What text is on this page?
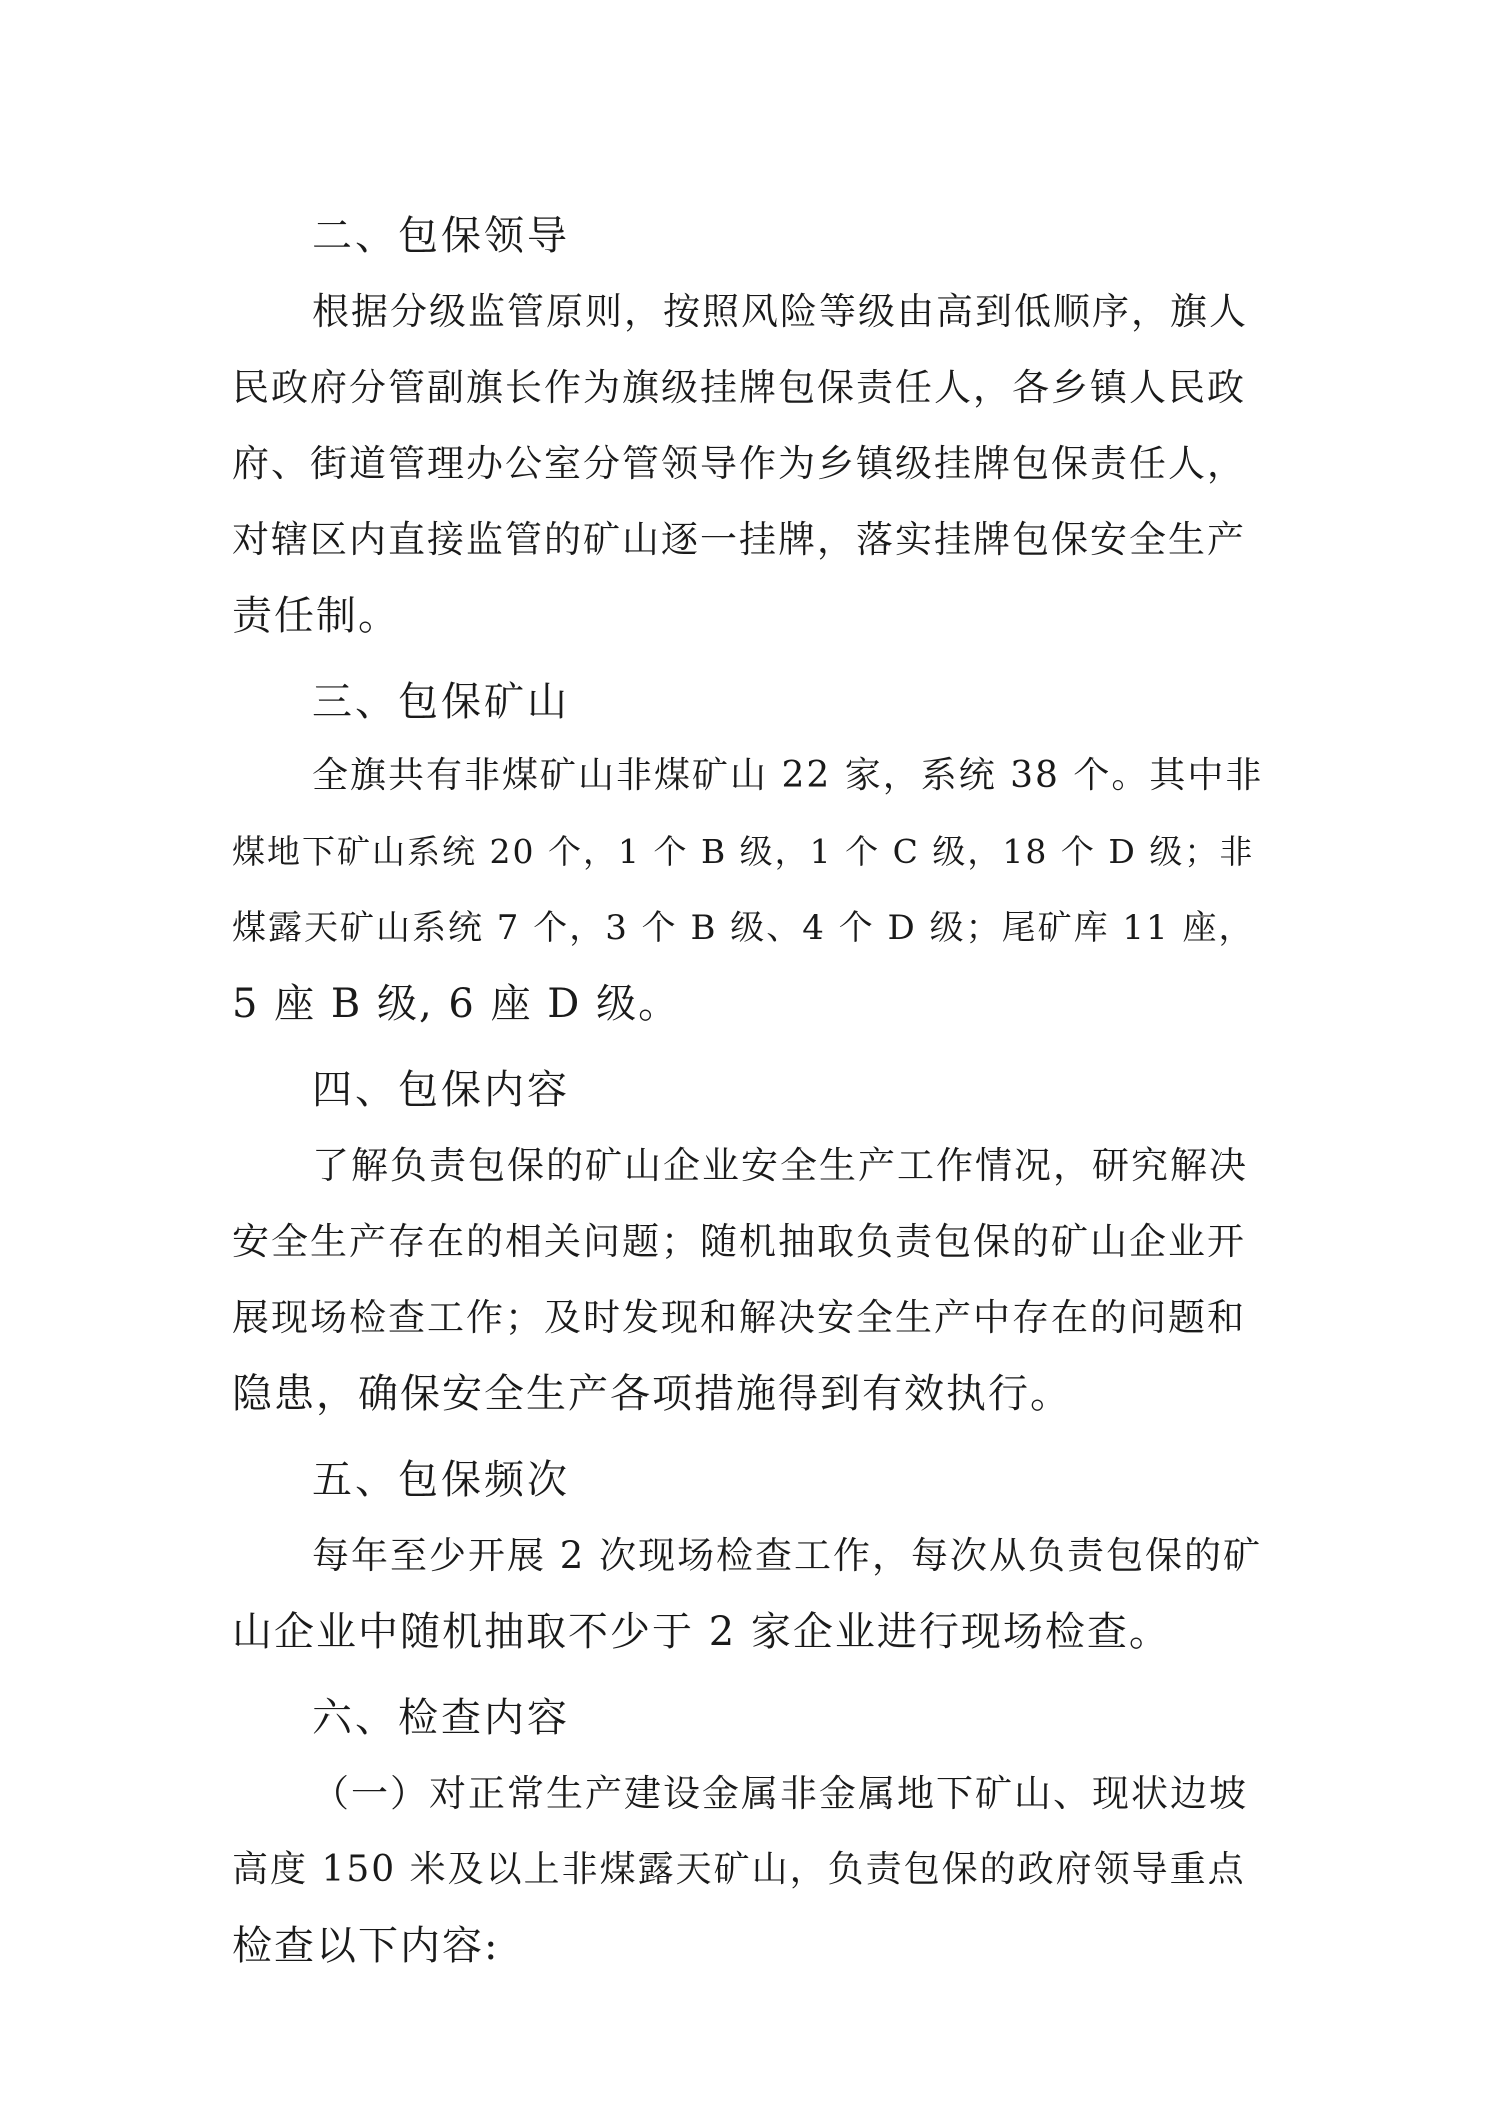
二、包保领导
根据分级监管原则，按照风险等级由高到低顺序，旗人
民政府分管副旗长作为旗级挂牌包保责任人，各乡镇人民政
府、街道管理办公室分管领导作为乡镇级挂牌包保责任人，
对辖区内直接监管的矿山逐一挂牌，落实挂牌包保安全生产
责任制。
三、包保矿山
全旗共有非煤矿山非煤矿山 22 家，系统 38 个。其中非
煤地下矿山系统 20 个，1 个 B 级，1 个 C 级，18 个 D 级；非
煤露天矿山系统 7 个，3 个 B 级、4 个 D 级；尾矿库 11 座，
5 座 B 级, 6 座 D 级。
四、包保内容
了解负责包保的矿山企业安全生产工作情况，研究解决
安全生产存在的相关问题；随机抽取负责包保的矿山企业开
展现场检查工作；及时发现和解决安全生产中存在的问题和
隐患，确保安全生产各项措施得到有效执行。
五、包保频次
每年至少开展 2 次现场检查工作，每次从负责包保的矿
山企业中随机抽取不少于 2 家企业进行现场检查。
六、检查内容
（一）对正常生产建设金属非金属地下矿山、现状边坡
高度 150 米及以上非煤露天矿山，负责包保的政府领导重点
检查以下内容:
